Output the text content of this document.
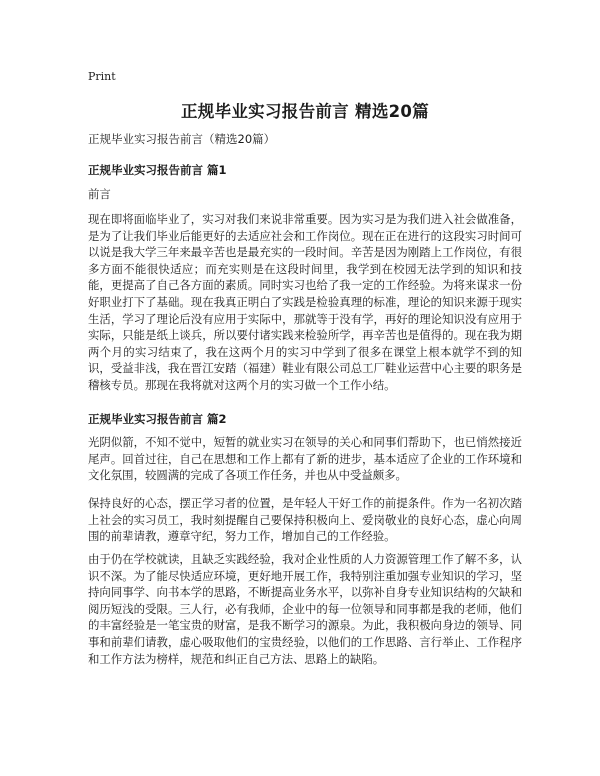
Print
正规毕业实习报告前言 精选20篇

正规毕业实习报告前言（精选20篇）

正规毕业实习报告前言 篇1

前言

现在即将面临毕业了，实习对我们来说非常重要。因为实习是为我们进入社会做准备，是为了让我们毕业后能更好的去适应社会和工作岗位。现在正在进行的这段实习时间可以说是我大学三年来最辛苦也是最充实的一段时间。辛苦是因为刚踏上工作岗位，有很多方面不能很快适应；而充实则是在这段时间里，我学到在校园无法学到的知识和技能，更提高了自己各方面的素质。同时实习也给了我一定的工作经验。为将来谋求一份好职业打下了基础。现在我真正明白了实践是检验真理的标准，理论的知识来源于现实生活，学习了理论后没有应用于实际中，那就等于没有学，再好的理论知识没有应用于实际，只能是纸上谈兵，所以要付诸实践来检验所学，再辛苦也是值得的。现在我为期两个月的实习结束了，我在这两个月的实习中学到了很多在课堂上根本就学不到的知识，受益非浅，我在晋江安踏（福建）鞋业有限公司总工厂鞋业运营中心主要的职务是稽核专员。那现在我将就对这两个月的实习做一个工作小结。

正规毕业实习报告前言 篇2

光阴似箭，不知不觉中，短暂的就业实习在领导的关心和同事们帮助下，也已悄然接近尾声。回首过往，自己在思想和工作上都有了新的进步，基本适应了企业的工作环境和文化氛围，较圆满的完成了各项工作任务，并也从中受益颇多。

保持良好的心态，摆正学习者的位置，是年轻人干好工作的前提条件。作为一名初次踏上社会的实习员工，我时刻提醒自己要保持积极向上、爱岗敬业的良好心态，虚心向周围的前辈请教，遵章守纪，努力工作，增加自己的工作经验。

由于仍在学校就读，且缺乏实践经验，我对企业性质的人力资源管理工作了解不多，认识不深。为了能尽快适应环境，更好地开展工作，我特别注重加强专业知识的学习，坚持向同事学、向书本学的思路，不断提高业务水平，以弥补自身专业知识结构的欠缺和阅历短浅的受限。三人行，必有我师，企业中的每一位领导和同事都是我的老师，他们的丰富经验是一笔宝贵的财富，是我不断学习的源泉。为此，我积极向身边的领导、同事和前辈们请教，虚心吸取他们的宝贵经验，以他们的工作思路、言行举止、工作程序和工作方法为榜样，规范和纠正自己方法、思路上的缺陷。
